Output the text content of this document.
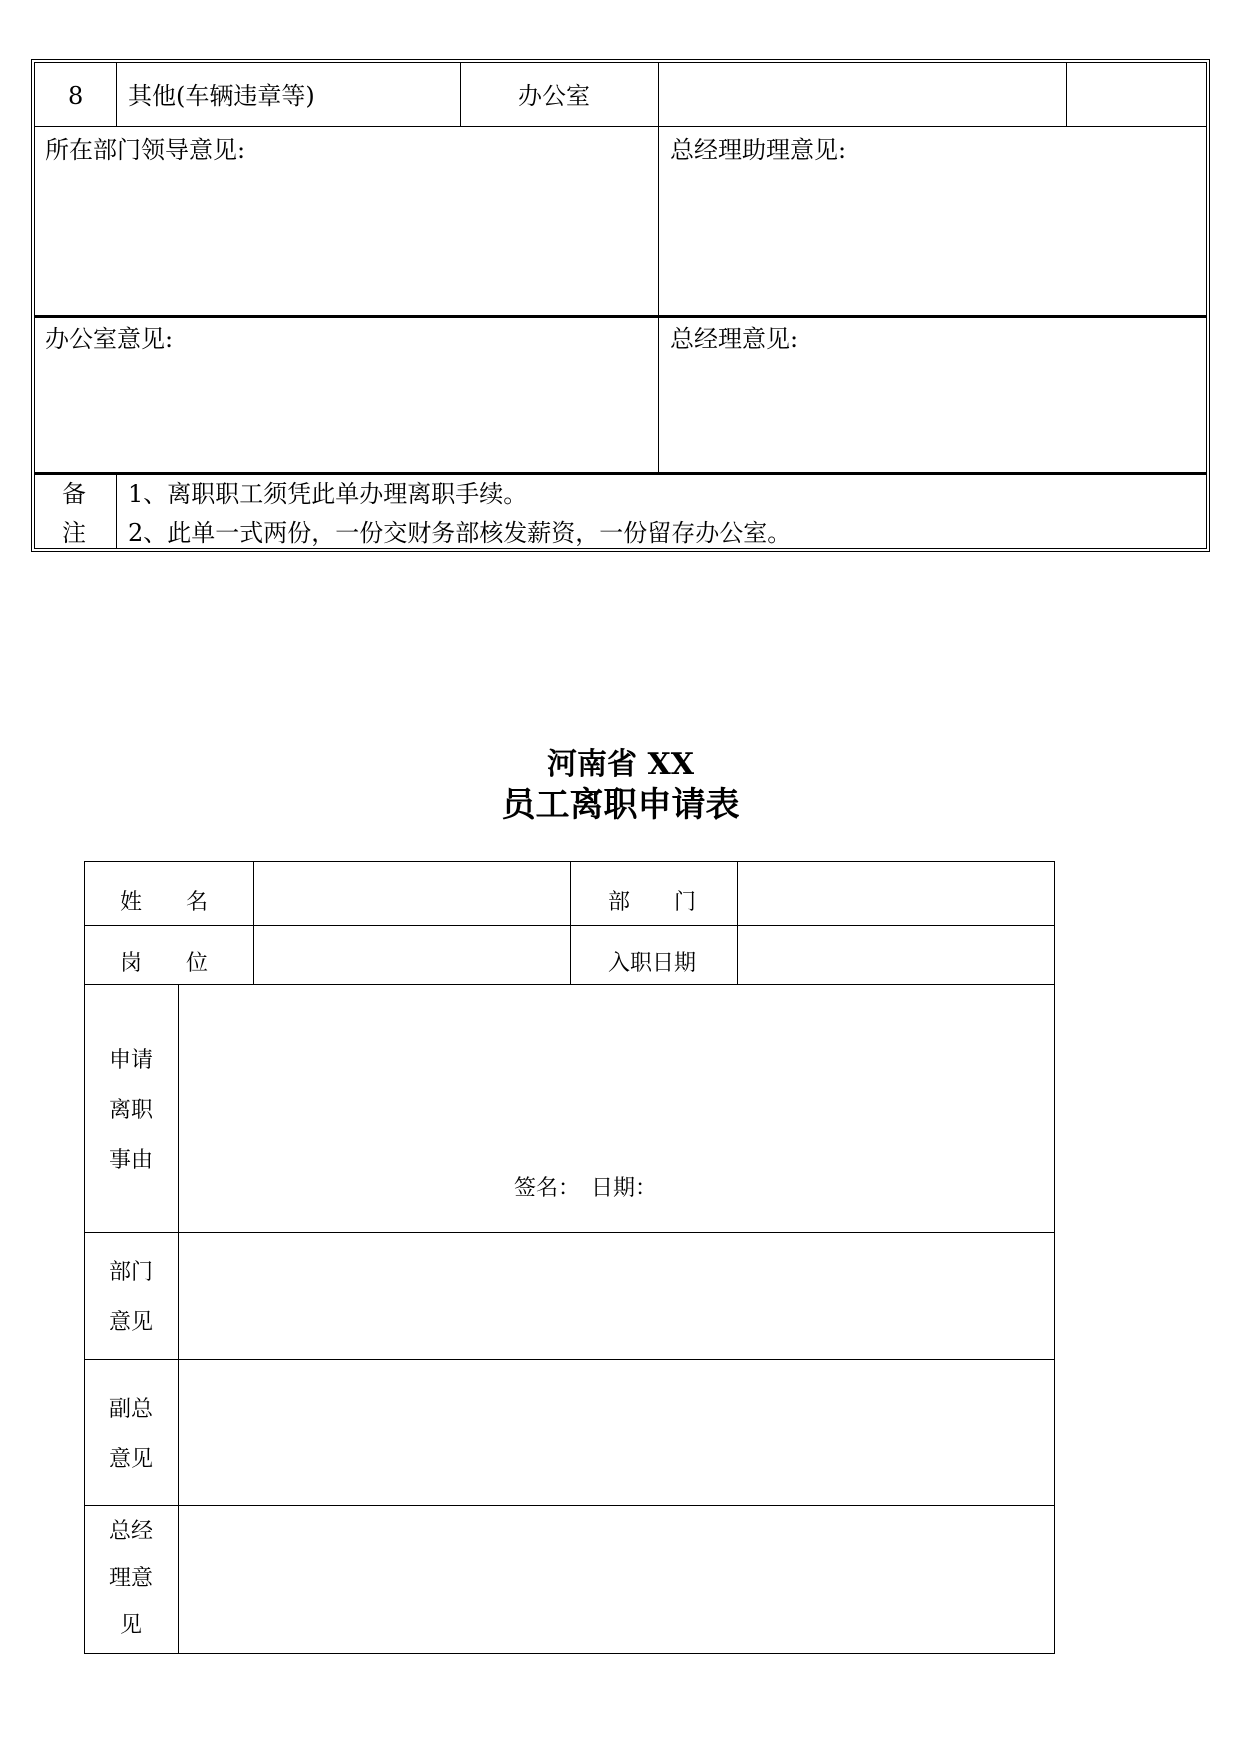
8 其他(车辆违章等)	办公室
所在部门领导意见:	总经理助理意见:
办公室意见:	总经理意见:
备
注
1、离职职工须凭此单办理离职手续。
2、此单一式两份，一份交财务部核发薪资，一份留存办公室。
河南省 XX
员工离职申请表
姓　　名	部　　门
岗　　位	入职日期
申请
离职
事由
签名：　日期：
部门
意见
副总
意见
总经
理意
见
